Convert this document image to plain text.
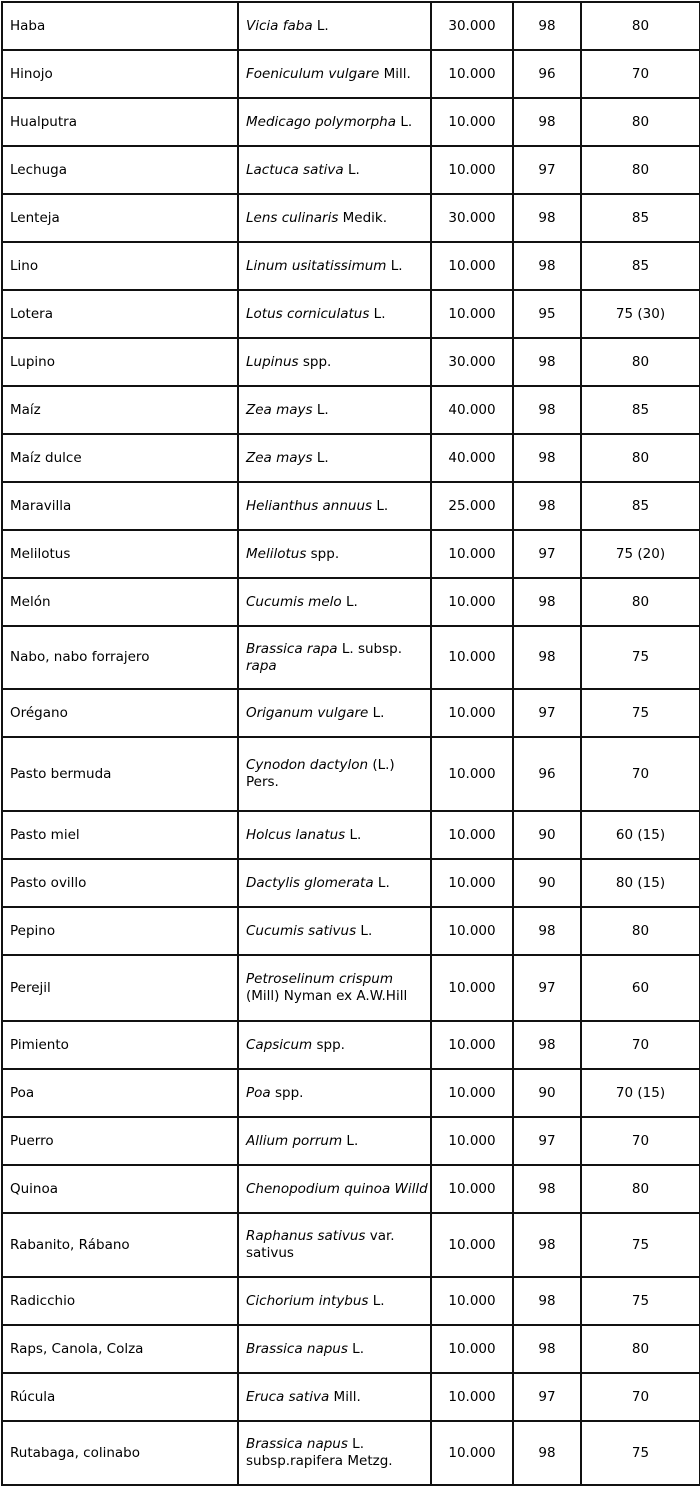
Haba	Vicia faba L.	30.000	98	80
Hinojo	Foeniculum vulgare Mill.	10.000	96	70
Hualputra	Medicago polymorpha L.	10.000	98	80
Lechuga	Lactuca sativa L.	10.000	97	80
Lenteja	Lens culinaris Medik.	30.000	98	85
Lino	Linum usitatissimum L.	10.000	98	85
Lotera	Lotus corniculatus L.	10.000	95	75 (30)
Lupino	Lupinus spp.	30.000	98	80
Maíz	Zea mays L.	40.000	98	85
Maíz dulce	Zea mays L.	40.000	98	80
Maravilla	Helianthus annuus L.	25.000	98	85
Melilotus	Melilotus spp.	10.000	97	75 (20)
Melón	Cucumis melo L.	10.000	98	80
Nabo, nabo forrajero	Brassica rapa L. subsp. rapa	10.000	98	75
Orégano	Origanum vulgare L.	10.000	97	75
Pasto bermuda	Cynodon dactylon (L.) Pers.	10.000	96	70
Pasto miel	Holcus lanatus L.	10.000	90	60 (15)
Pasto ovillo	Dactylis glomerata L.	10.000	90	80 (15)
Pepino	Cucumis sativus L.	10.000	98	80
Perejil	Petroselinum crispum (Mill) Nyman ex A.W.Hill	10.000	97	60
Pimiento	Capsicum spp.	10.000	98	70
Poa	Poa spp.	10.000	90	70 (15)
Puerro	Allium porrum L.	10.000	97	70
Quinoa	Chenopodium quinoa Willd	10.000	98	80
Rabanito, Rábano	Raphanus sativus var. sativus	10.000	98	75
Radicchio	Cichorium intybus L.	10.000	98	75
Raps, Canola, Colza	Brassica napus L.	10.000	98	80
Rúcula	Eruca sativa Mill.	10.000	97	70
Rutabaga, colinabo	Brassica napus L. subsp.rapifera Metzg.	10.000	98	75
